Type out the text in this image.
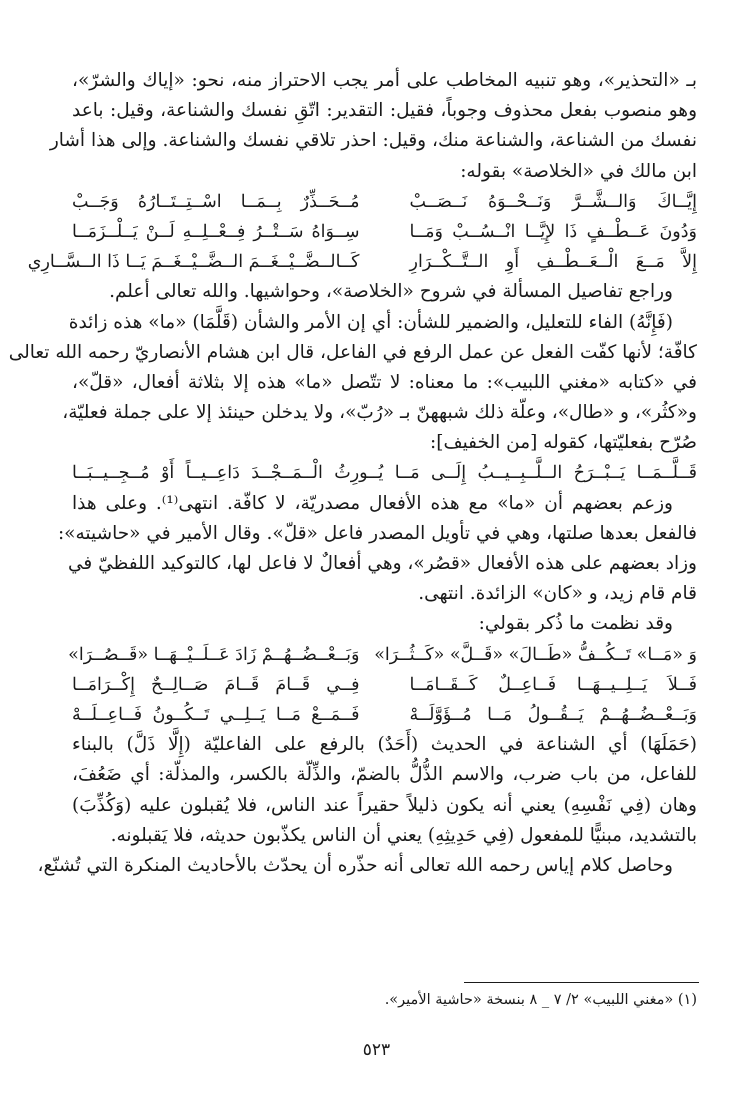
بـ «التحذير»، وهو تنبيه المخاطب على أمر يجب الاحتراز منه، نحو: «إياك والشرّ»،
وهو منصوب بفعل محذوف وجوباً، فقيل: التقدير: اتّقِ نفسك والشناعة، وقيل: باعد
نفسك من الشناعة، والشناعة منك، وقيل: احذر تلاقي نفسك والشناعة. وإلى هذا أشار
ابن مالك في «الخلاصة» بقوله:
إِيَّــاكَ وَالــشَّــرَّ وَنَــحْــوَهُ نَــصَــبْ
مُــحَــذِّرٌ بِــمَــا اسْــتِــتَــارُهُ وَجَــبْ
وَدُونَ عَــطْــفٍ ذَا لإِيَّــا انْــسُــبْ وَمَــا
سِــوَاهُ سَــتْــرُ فِــعْــلِــهِ لَــنْ يَــلْــزَمَــا
إِلاَّ مَــعَ الْــعَــطْــفِ أَوِ الــتَّــكْــرَارِ
كَــالــضَّــيْــغَــمَ الــضَّــيْــغَــمَ يَــا ذَا الــسَّــارِي
وراجع تفاصيل المسألة في شروح «الخلاصة»، وحواشيها. والله تعالى أعلم.
(فَإِنَّهُ) الفاء للتعليل، والضمير للشأن: أي إن الأمر والشأن (قَلَّمَا) «ما» هذه زائدة
كافّة؛ لأنها كفّت الفعل عن عمل الرفع في الفاعل، قال ابن هشام الأنصاريّ رحمه الله تعالى
في «كتابه «مغني اللبيب»: ما معناه: لا تتّصل «ما» هذه إلا بثلاثة أفعال، «قلّ»،
و«كثُر»، و «طال»، وعلّة ذلك شبههنّ بـ «رُبّ»، ولا يدخلن حينئذ إلا على جملة فعليّة،
صُرّح بفعليّتها، كقوله [من الخفيف]:
قَــلَّــمَــا يَــبْــرَحُ الــلَّــبِــيــبُ إِلَــى مَــا يُــورِثُ الْــمَــجْــدَ دَاعِــيــاً أَوْ مُــجِــيــبَــا
وزعم بعضهم أن «ما» مع هذه الأفعال مصدريّة، لا كافّة. انتهى⁽¹⁾. وعلى هذا
فالفعل بعدها صلتها، وهي في تأويل المصدر فاعل «قلّ». وقال الأمير في «حاشيته»:
وزاد بعضهم على هذه الأفعال «قصُر»، وهي أفعالٌ لا فاعل لها، كالتوكيد اللفظيّ في
قام قام زيد، و «كان» الزائدة. انتهى.
وقد نظمت ما ذُكر بقولي:
وَ «مَــا» تَــكُــفُّ «طَــالَ» «قَــلَّ» «كَــثُــرَا»
وَبَــعْــضُــهُــمْ زَادَ عَــلَــيْــهَــا «قَــصُــرَا»
فَــلاَ يَــلِــيــهَــا فَــاعِــلٌ كَــقَــامَــا
فِــي قَــامَ قَــامَ صَــالِــحٌ إِكْــرَامَــا
وَبَــعْــضُــهُــمْ يَــقُــولُ مَــا مُــؤَوَّلَــهْ
فَــمَــعْ مَــا يَــلِــي تَــكُــونُ فَــاعِــلَــهْ
(حَمَلَهَا) أي الشناعة في الحديث (أَحَدٌ) بالرفع على الفاعليّة (إِلَّا ذَلَّ) بالبناء
للفاعل، من باب ضرب، والاسم الذُّلُّ بالضمّ، والذِّلّة بالكسر، والمذلّة: أي ضَعُفَ،
وهان (فِي نَفْسِهِ) يعني أنه يكون ذليلاً حقيراً عند الناس، فلا يُقبلون عليه (وَكُذِّبَ)
بالتشديد، مبنيًّا للمفعول (فِي حَدِيثِهِ) يعني أن الناس يكذّبون حديثه، فلا يَقبلونه.
وحاصل كلام إياس رحمه الله تعالى أنه حذّره أن يحدّث بالأحاديث المنكرة التي تُشنّع،
(١) «مغني اللبيب» ٢/ ٧ _ ٨ بنسخة «حاشية الأمير».
٥٢٣
